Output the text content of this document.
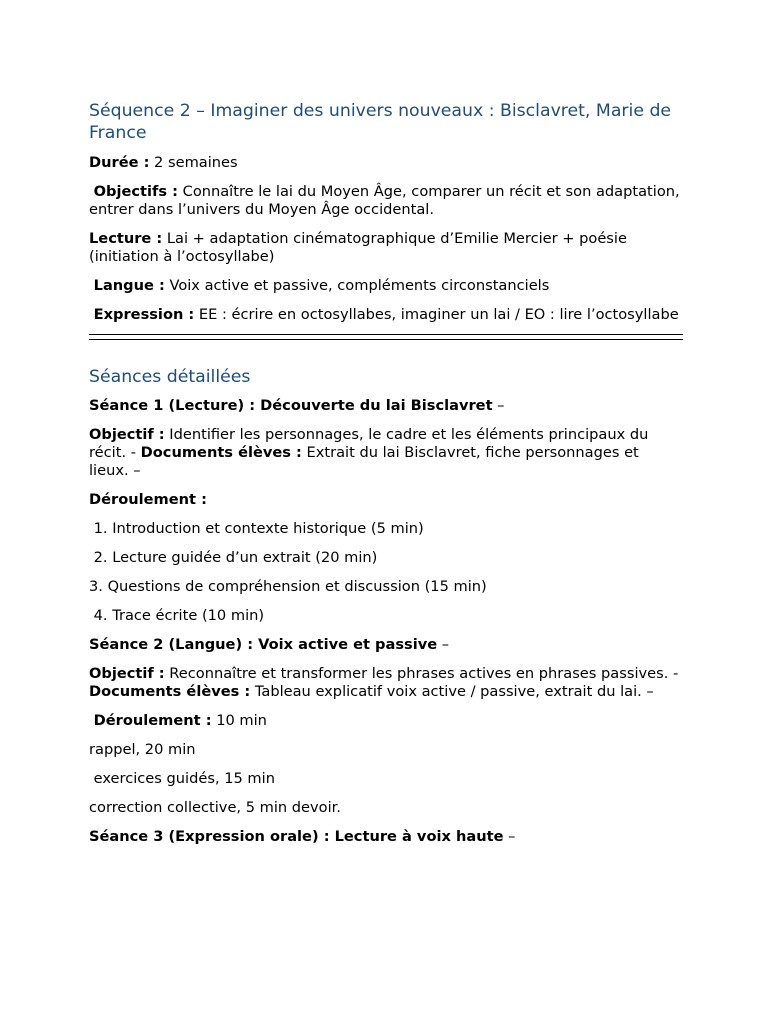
Séquence 2 – Imaginer des univers nouveaux : Bisclavret, Marie de France

Durée : 2 semaines

Objectifs : Connaître le lai du Moyen Âge, comparer un récit et son adaptation, entrer dans l’univers du Moyen Âge occidental.

Lecture : Lai + adaptation cinématographique d’Emilie Mercier + poésie (initiation à l’octosyllabe)

Langue : Voix active et passive, compléments circonstanciels

Expression : EE : écrire en octosyllabes, imaginer un lai / EO : lire l’octosyllabe

Séances détaillées

Séance 1 (Lecture) : Découverte du lai Bisclavret –

Objectif : Identifier les personnages, le cadre et les éléments principaux du récit. - Documents élèves : Extrait du lai Bisclavret, fiche personnages et lieux. –

Déroulement :

1. Introduction et contexte historique (5 min)

2. Lecture guidée d’un extrait (20 min)

3. Questions de compréhension et discussion (15 min)

4. Trace écrite (10 min)

Séance 2 (Langue) : Voix active et passive –

Objectif : Reconnaître et transformer les phrases actives en phrases passives. - Documents élèves : Tableau explicatif voix active / passive, extrait du lai. –

Déroulement : 10 min

rappel, 20 min

exercices guidés, 15 min

correction collective, 5 min devoir.

Séance 3 (Expression orale) : Lecture à voix haute –
